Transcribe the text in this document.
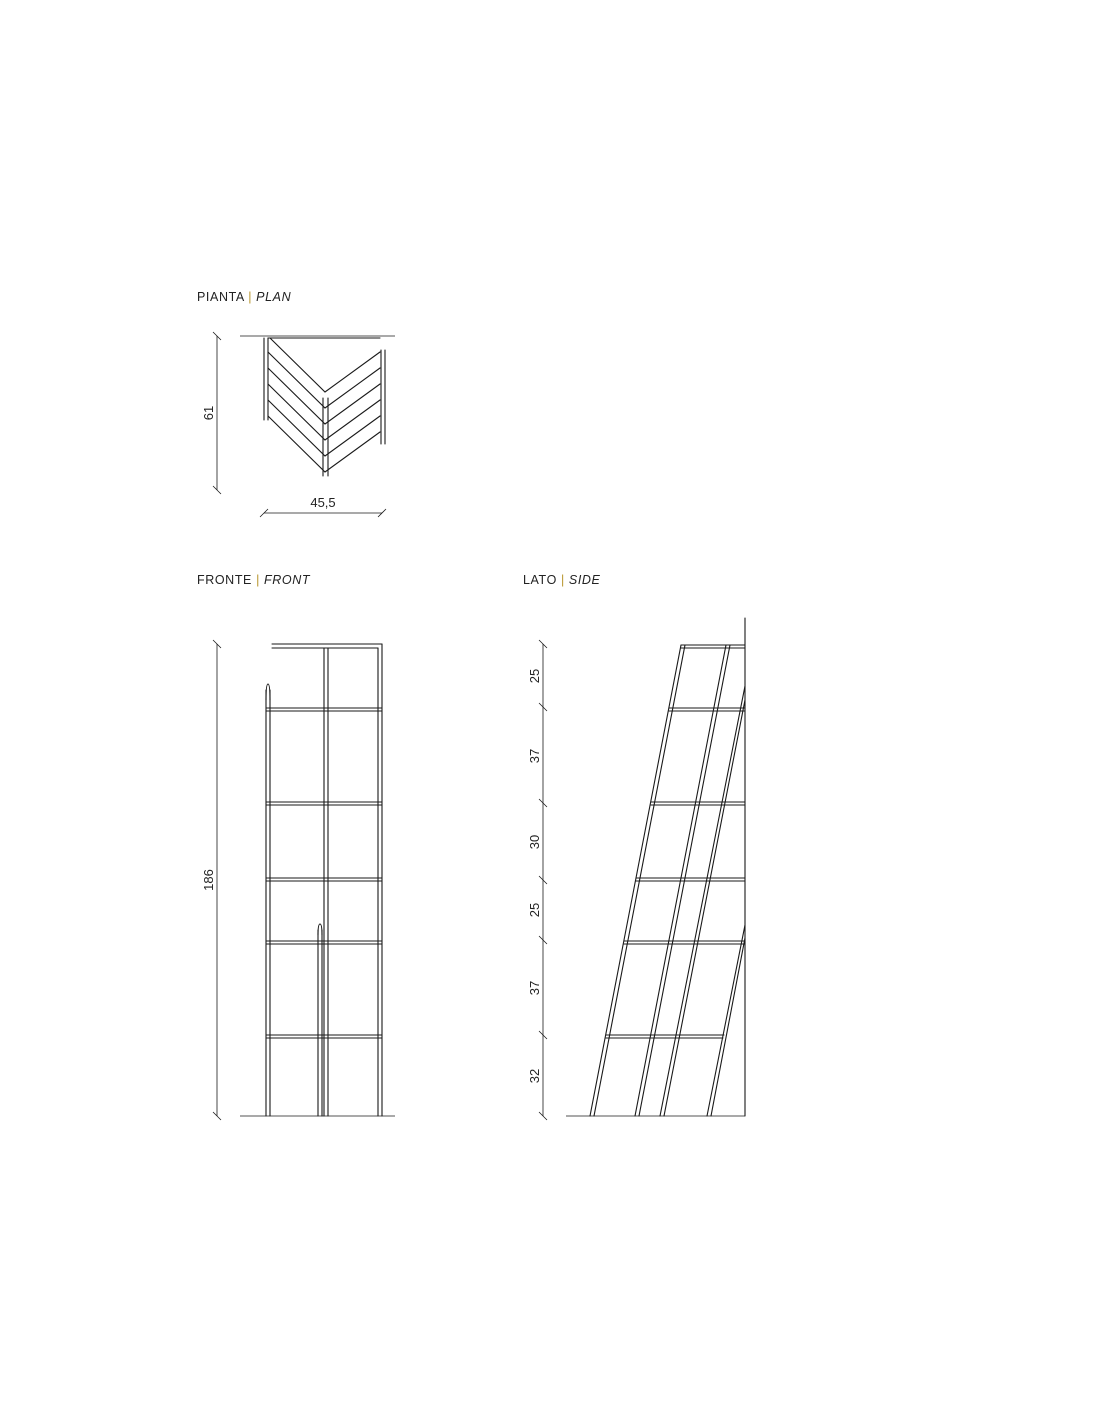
PIANTA | PLAN
FRONTE | FRONT	LATO | SIDE
61
45,5
186
25
37
30
25
37
32
